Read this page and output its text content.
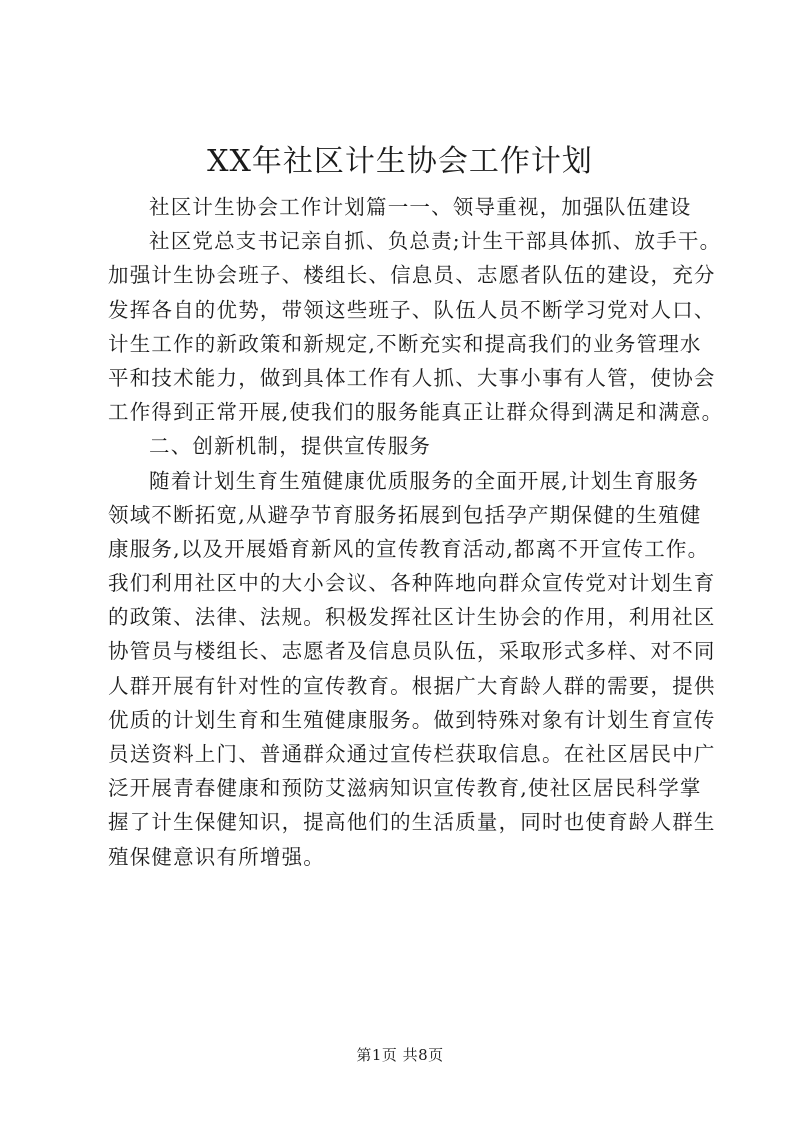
XX年社区计生协会工作计划
社区计生协会工作计划篇一一、领导重视，加强队伍建设
社区党总支书记亲自抓、负总责;计生干部具体抓、放手干。
加强计生协会班子、楼组长、信息员、志愿者队伍的建设，充分
发挥各自的优势，带领这些班子、队伍人员不断学习党对人口、
计生工作的新政策和新规定,不断充实和提高我们的业务管理水
平和技术能力，做到具体工作有人抓、大事小事有人管，使协会
工作得到正常开展,使我们的服务能真正让群众得到满足和满意。
二、创新机制，提供宣传服务
随着计划生育生殖健康优质服务的全面开展,计划生育服务
领域不断拓宽,从避孕节育服务拓展到包括孕产期保健的生殖健
康服务,以及开展婚育新风的宣传教育活动,都离不开宣传工作。
我们利用社区中的大小会议、各种阵地向群众宣传党对计划生育
的政策、法律、法规。积极发挥社区计生协会的作用，利用社区
协管员与楼组长、志愿者及信息员队伍，采取形式多样、对不同
人群开展有针对性的宣传教育。根据广大育龄人群的需要，提供
优质的计划生育和生殖健康服务。做到特殊对象有计划生育宣传
员送资料上门、普通群众通过宣传栏获取信息。在社区居民中广
泛开展青春健康和预防艾滋病知识宣传教育,使社区居民科学掌
握了计生保健知识，提高他们的生活质量，同时也使育龄人群生
殖保健意识有所增强。
第1页 共8页
